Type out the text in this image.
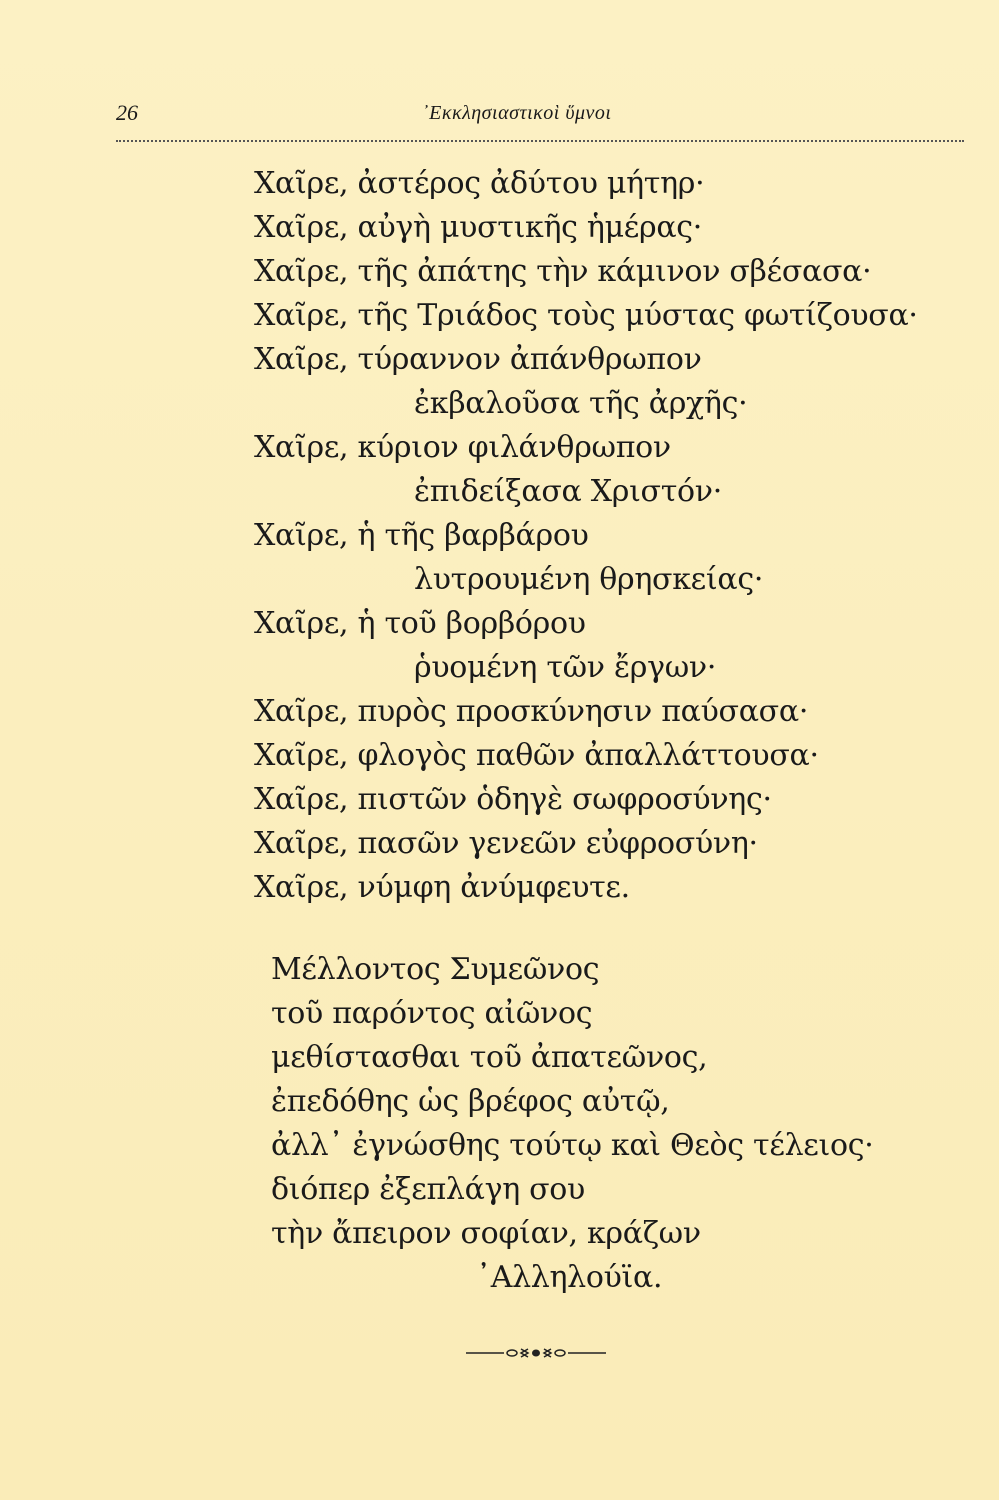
26	᾿Εκκλησιαστικοὶ ὕμνοι
Χαῖρε, ἀστέρος ἀδύτου μήτηρ·
Χαῖρε, αὐγὴ μυστικῆς ἡμέρας·
Χαῖρε, τῆς ἀπάτης τὴν κάμινον σβέσασα·
Χαῖρε, τῆς Τριάδος τοὺς μύστας φωτίζουσα·
Χαῖρε, τύραννον ἀπάνθρωπον
ἐκβαλοῦσα τῆς ἀρχῆς·
Χαῖρε, κύριον φιλάνθρωπον
ἐπιδείξασα Χριστόν·
Χαῖρε, ἡ τῆς βαρβάρου
λυτρουμένη θρησκείας·
Χαῖρε, ἡ τοῦ βορβόρου
ῥυομένη τῶν ἔργων·
Χαῖρε, πυρὸς προσκύνησιν παύσασα·
Χαῖρε, φλογὸς παθῶν ἀπαλλάττουσα·
Χαῖρε, πιστῶν ὁδηγὲ σωφροσύνης·
Χαῖρε, πασῶν γενεῶν εὐφροσύνη·
Χαῖρε, νύμφη ἀνύμφευτε.
Μέλλοντος Συμεῶνος
τοῦ παρόντος αἰῶνος
μεθίστασθαι τοῦ ἀπατεῶνος,
ἐπεδόθης ὡς βρέφος αὐτῷ,
ἀλλ᾿ ἐγνώσθης τούτῳ καὶ Θεὸς τέλειος·
διόπερ ἐξεπλάγη σου
τὴν ἄπειρον σοφίαν, κράζων
᾿Αλληλούϊα.
